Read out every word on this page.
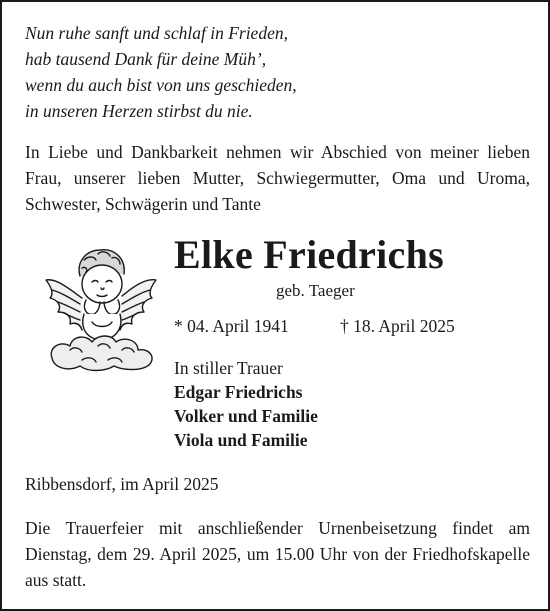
Nun ruhe sanft und schlaf in Frieden,
hab tausend Dank für deine Müh’,
wenn du auch bist von uns geschieden,
in unseren Herzen stirbst du nie.
In Liebe und Dankbarkeit nehmen wir Abschied von meiner lieben Frau, unserer lieben Mutter, Schwiegermutter, Oma und Uroma, Schwester, Schwägerin und Tante
Elke Friedrichs
geb. Taeger
* 04. April 1941	† 18. April 2025
In stiller Trauer
Edgar Friedrichs
Volker und Familie
Viola und Familie
Ribbensdorf, im April 2025
Die Trauerfeier mit anschließender Urnenbeisetzung findet am Dienstag, dem 29. April 2025, um 15.00 Uhr von der Friedhofskapelle aus statt.
